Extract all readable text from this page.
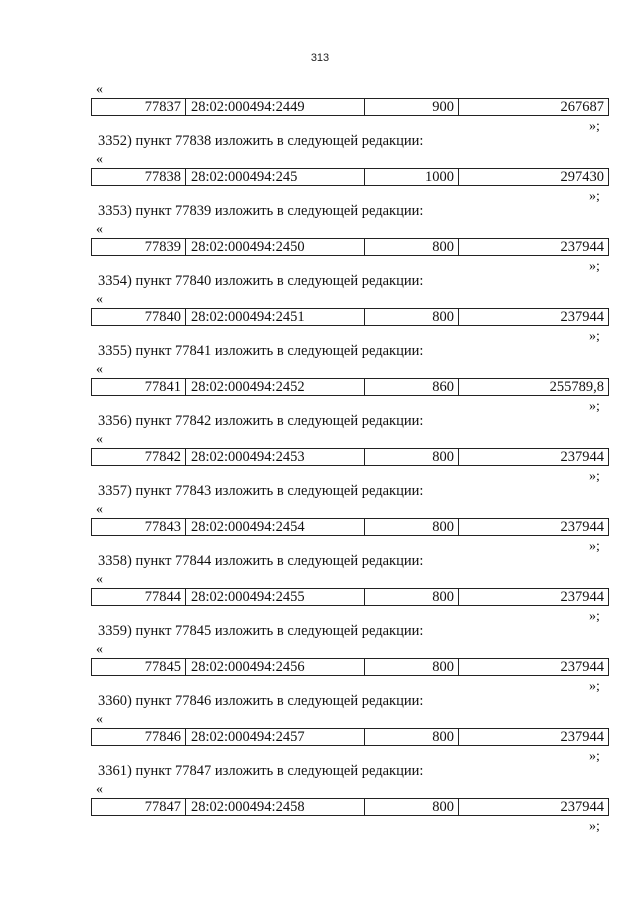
313
«
77837 28:02:000494:2449	900	267687
»;
3352) пункт 77838 изложить в следующей редакции:
«
77838 28:02:000494:245	1000	297430
»;
3353) пункт 77839 изложить в следующей редакции:
«
77839 28:02:000494:2450	800	237944
»;
3354) пункт 77840 изложить в следующей редакции:
«
77840 28:02:000494:2451	800	237944
»;
3355) пункт 77841 изложить в следующей редакции:
«
77841 28:02:000494:2452	860	255789,8
»;
3356) пункт 77842 изложить в следующей редакции:
«
77842 28:02:000494:2453	800	237944
»;
3357) пункт 77843 изложить в следующей редакции:
«
77843 28:02:000494:2454	800	237944
»;
3358) пункт 77844 изложить в следующей редакции:
«
77844 28:02:000494:2455	800	237944
»;
3359) пункт 77845 изложить в следующей редакции:
«
77845 28:02:000494:2456	800	237944
»;
3360) пункт 77846 изложить в следующей редакции:
«
77846 28:02:000494:2457	800	237944
»;
3361) пункт 77847 изложить в следующей редакции:
«
77847 28:02:000494:2458	800	237944
»;
